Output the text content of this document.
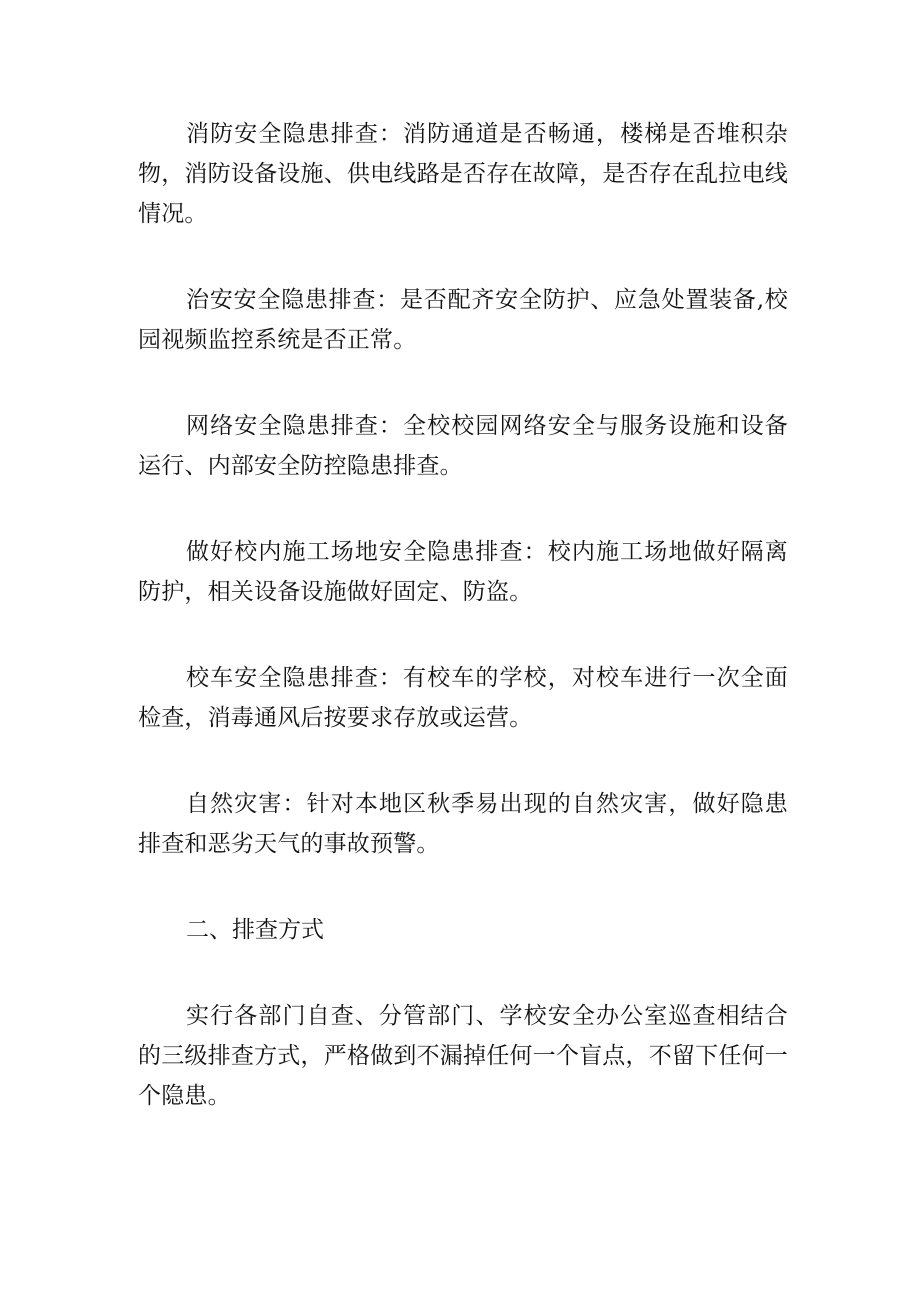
消防安全隐患排查：消防通道是否畅通，楼梯是否堆积杂物，消防设备设施、供电线路是否存在故障，是否存在乱拉电线情况。

治安安全隐患排查：是否配齐安全防护、应急处置装备,校园视频监控系统是否正常。

网络安全隐患排查：全校校园网络安全与服务设施和设备运行、内部安全防控隐患排查。

做好校内施工场地安全隐患排查：校内施工场地做好隔离防护，相关设备设施做好固定、防盗。

校车安全隐患排查：有校车的学校，对校车进行一次全面检查，消毒通风后按要求存放或运营。

自然灾害：针对本地区秋季易出现的自然灾害，做好隐患排查和恶劣天气的事故预警。

二、排查方式

实行各部门自查、分管部门、学校安全办公室巡查相结合的三级排查方式，严格做到不漏掉任何一个盲点，不留下任何一个隐患。
